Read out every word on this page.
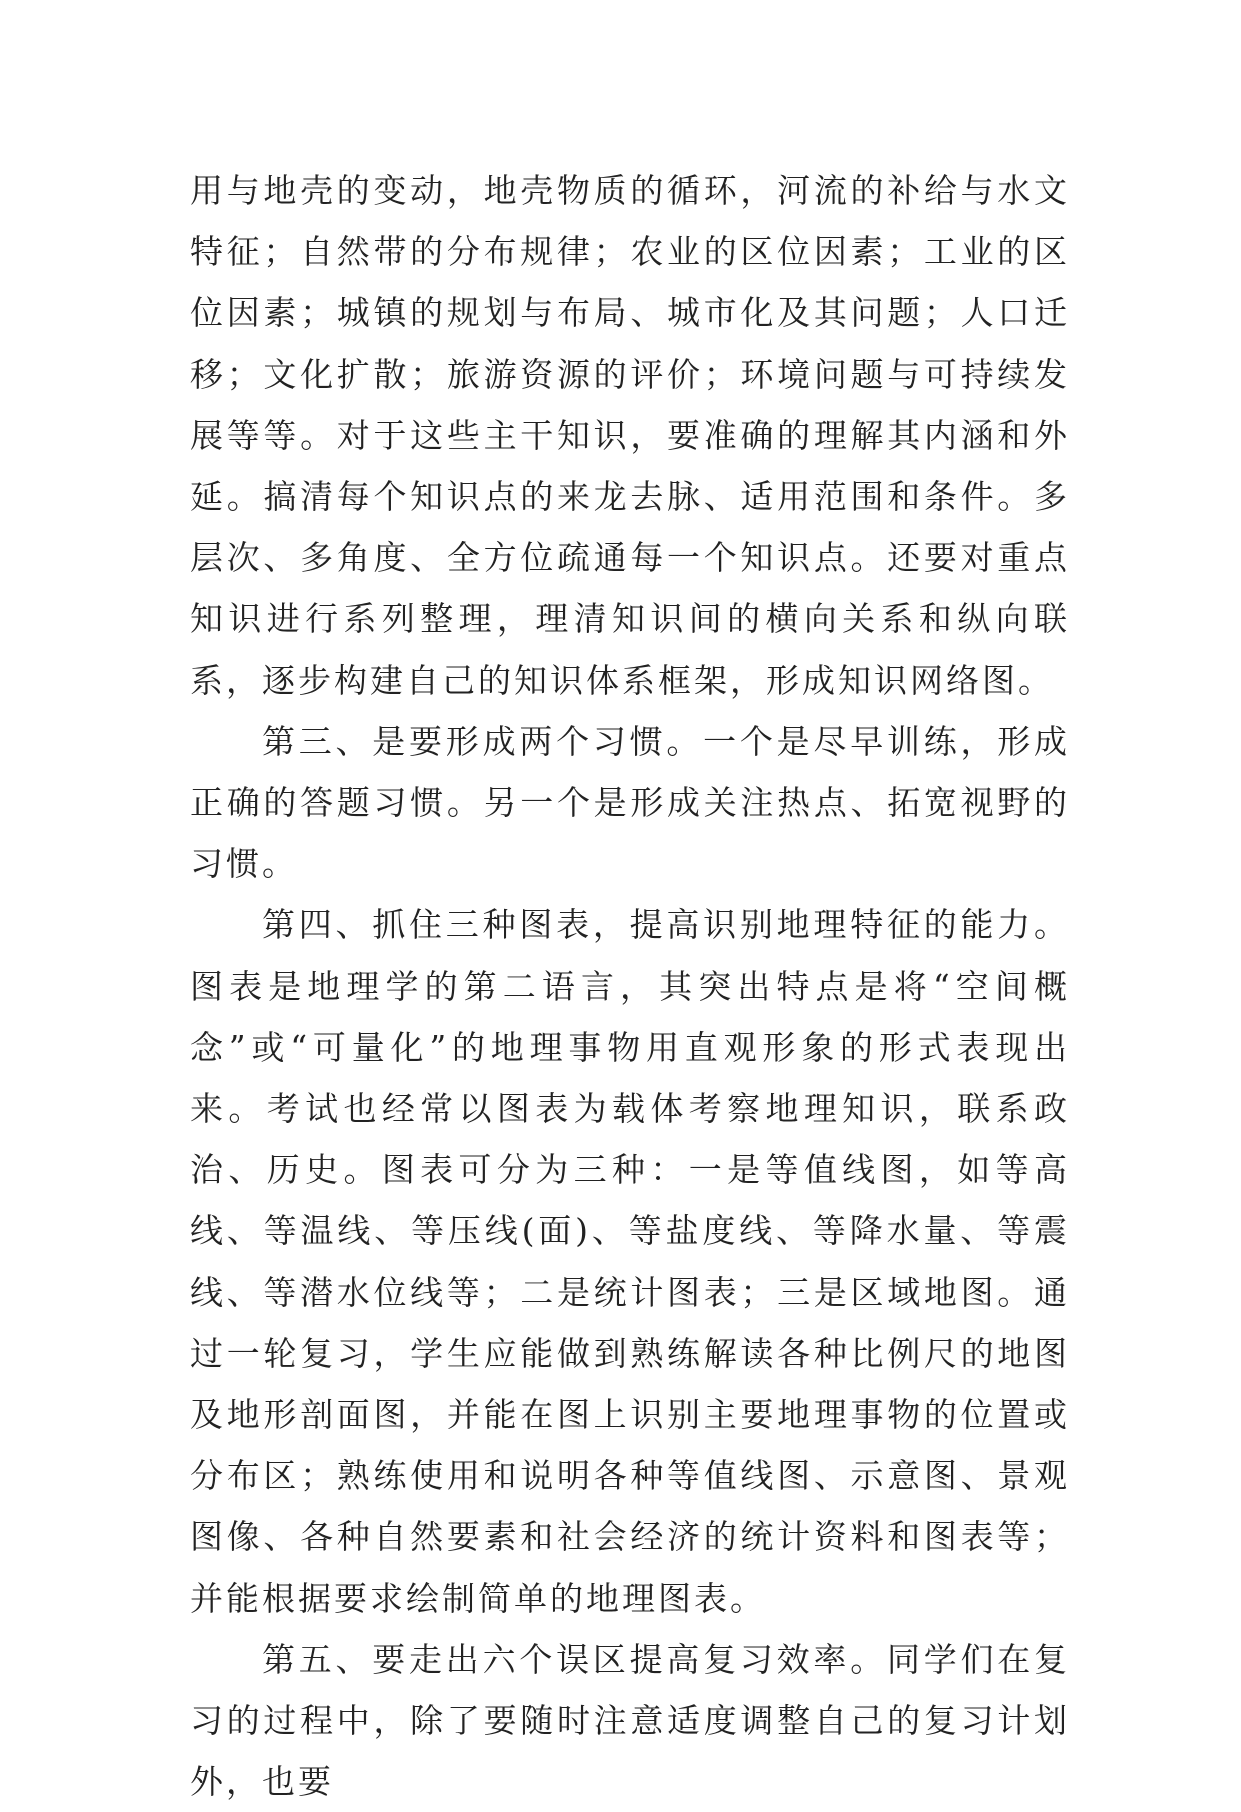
用与地壳的变动，地壳物质的循环，河流的补给与水文特征；自然带的分布规律；农业的区位因素；工业的区位因素；城镇的规划与布局、城市化及其问题；人口迁移；文化扩散；旅游资源的评价；环境问题与可持续发展等等。对于这些主干知识，要准确的理解其内涵和外延。搞清每个知识点的来龙去脉、适用范围和条件。多层次、多角度、全方位疏通每一个知识点。还要对重点知识进行系列整理，理清知识间的横向关系和纵向联系，逐步构建自己的知识体系框架，形成知识网络图。

第三、是要形成两个习惯。一个是尽早训练，形成正确的答题习惯。另一个是形成关注热点、拓宽视野的习惯。

第四、抓住三种图表，提高识别地理特征的能力。图表是地理学的第二语言，其突出特点是将“空间概念”或“可量化”的地理事物用直观形象的形式表现出 来。考试也经常以图表为载体考察地理知识，联系政治、历史。图表可分为三种：一是等值线图，如等高线、等温线、等压线(面)、等盐度线、等降水量、等震 线、等潜水位线等；二是统计图表；三是区域地图。通过一轮复习，学生应能做到熟练解读各种比例尺的地图及地形剖面图，并能在图上识别主要地理事物的位置或分布区；熟练使用和说明各种等值线图、示意图、景观图像、各种自然要素和社会经济的统计资料和图表等；并能根据要求绘制简单的地理图表。

第五、要走出六个误区提高复习效率。同学们在复习的过程中，除了要随时注意适度调整自己的复习计划外，也要
